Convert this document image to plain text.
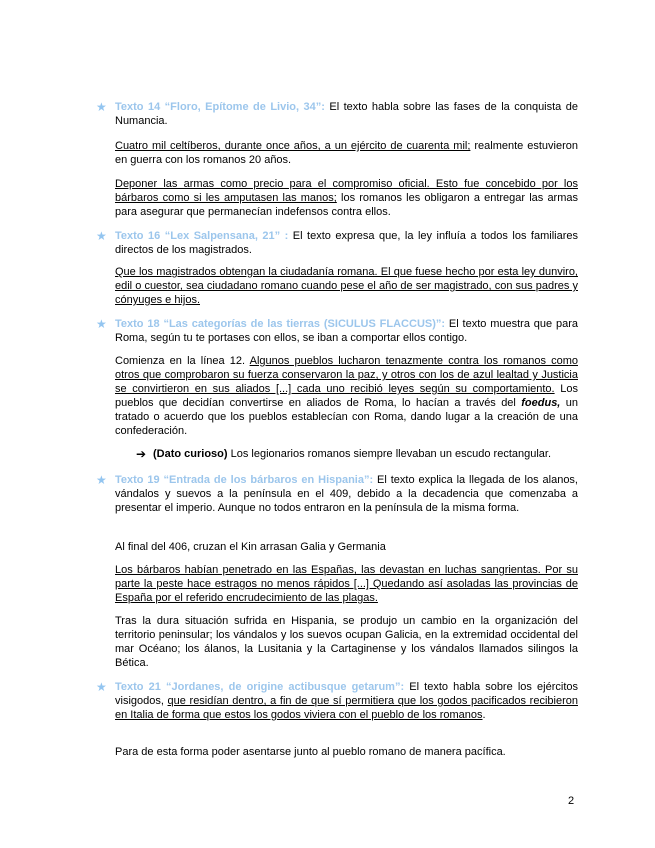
★ Texto 14 “Floro, Epítome de Livio, 34”: El texto habla sobre las fases de la conquista de Numancia.

Cuatro mil celtíberos, durante once años, a un ejército de cuarenta mil; realmente estuvieron en guerra con los romanos 20 años.

Deponer las armas como precio para el compromiso oficial. Esto fue concebido por los bárbaros como si les amputasen las manos; los romanos les obligaron a entregar las armas para asegurar que permanecían indefensos contra ellos.

★ Texto 16 “Lex Salpensana, 21” : El texto expresa que, la ley influía a todos los familiares directos de los magistrados.

Que los magistrados obtengan la ciudadanía romana. El que fuese hecho por esta ley dunviro, edil o cuestor, sea ciudadano romano cuando pese el año de ser magistrado, con sus padres y cónyuges e hijos.

★ Texto 18 “Las categorías de las tierras (SICULUS FLACCUS)”: El texto muestra que para Roma, según tu te portases con ellos, se iban a comportar ellos contigo.

Comienza en la línea 12. Algunos pueblos lucharon tenazmente contra los romanos como otros que comprobaron su fuerza conservaron la paz, y otros con los de azul lealtad y Justicia se convirtieron en sus aliados [...] cada uno recibió leyes según su comportamiento. Los pueblos que decidían convertirse en aliados de Roma, lo hacían a través del foedus, un tratado o acuerdo que los pueblos establecían con Roma, dando lugar a la creación de una confederación.

➔ (Dato curioso) Los legionarios romanos siempre llevaban un escudo rectangular.

★ Texto 19 “Entrada de los bárbaros en Hispania”: El texto explica la llegada de los alanos, vándalos y suevos a la península en el 409, debido a la decadencia que comenzaba a presentar el imperio. Aunque no todos entraron en la península de la misma forma.

Al final del 406, cruzan el Kin arrasan Galia y Germania

Los bárbaros habían penetrado en las Españas, las devastan en luchas sangrientas. Por su parte la peste hace estragos no menos rápidos [...] Quedando así asoladas las provincias de España por el referido encrudecimiento de las plagas.

Tras la dura situación sufrida en Hispania, se produjo un cambio en la organización del territorio peninsular; los vándalos y los suevos ocupan Galicia, en la extremidad occidental del mar Océano; los álanos, la Lusitania y la Cartaginense y los vándalos llamados silingos la Bética.

★ Texto 21 “Jordanes, de origine actibusque getarum”: El texto habla sobre los ejércitos visigodos, que residían dentro, a fin de que sí permitiera que los godos pacificados recibieron en Italia de forma que estos los godos viviera con el pueblo de los romanos.

Para de esta forma poder asentarse junto al pueblo romano de manera pacífica.

2
